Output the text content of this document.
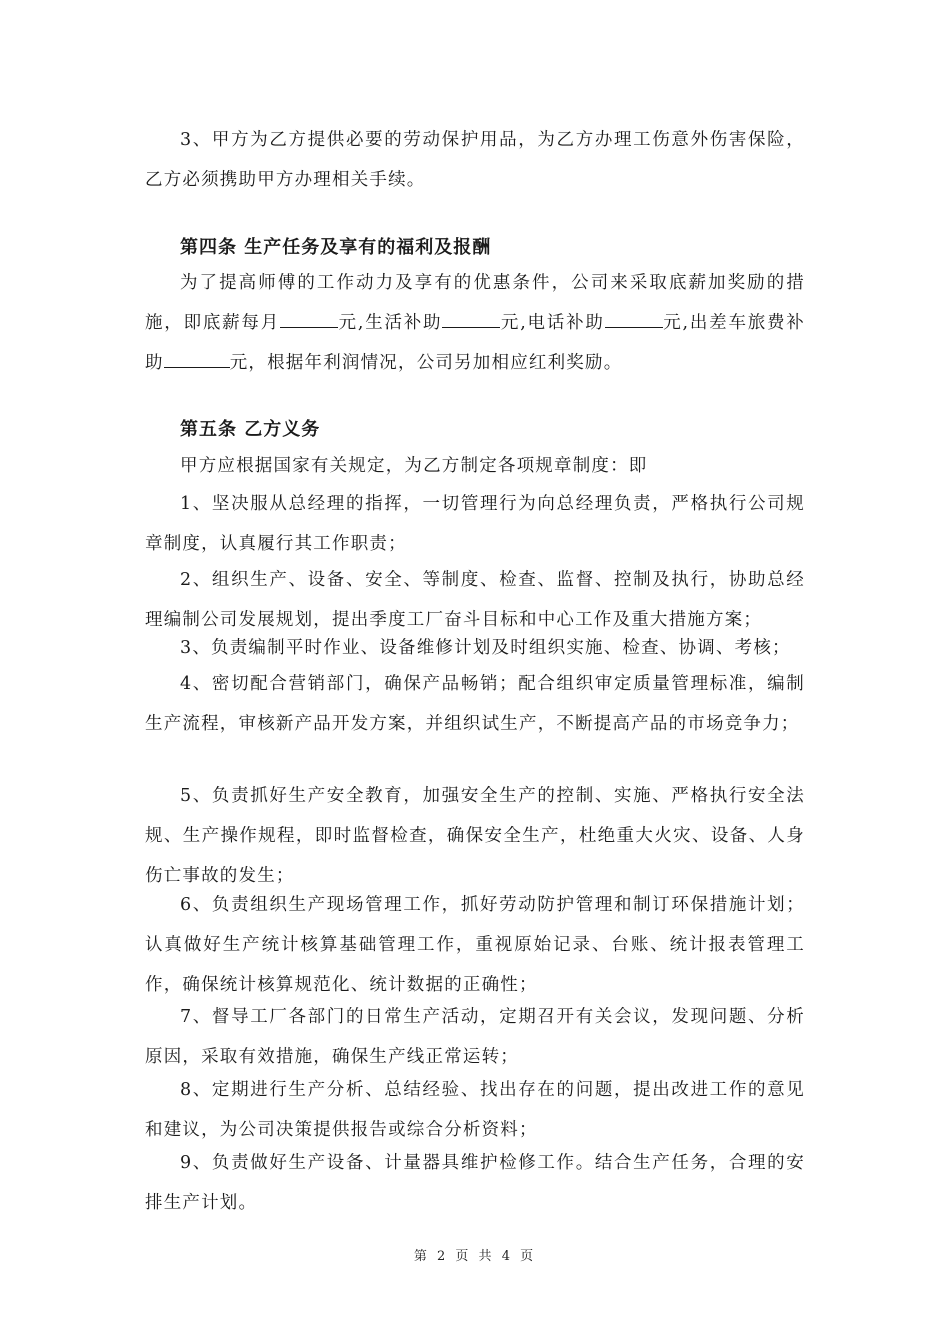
3、甲方为乙方提供必要的劳动保护用品，为乙方办理工伤意外伤害保险，乙方必须携助甲方办理相关手续。

第四条 生产任务及享有的福利及报酬

为了提高师傅的工作动力及享有的优惠条件，公司来采取底薪加奖励的措施，即底薪每月	元,生活补助	元,电话补助	元,出差车旅费补助	元，根据年利润情况，公司另加相应红利奖励。

第五条 乙方义务

甲方应根据国家有关规定，为乙方制定各项规章制度：即

1、坚决服从总经理的指挥，一切管理行为向总经理负责，严格执行公司规章制度，认真履行其工作职责；

2、组织生产、设备、安全、等制度、检查、监督、控制及执行，协助总经理编制公司发展规划，提出季度工厂奋斗目标和中心工作及重大措施方案；

3、负责编制平时作业、设备维修计划及时组织实施、检查、协调、考核；

4、密切配合营销部门，确保产品畅销；配合组织审定质量管理标准，编制生产流程，审核新产品开发方案，并组织试生产，不断提高产品的市场竞争力；

5、负责抓好生产安全教育，加强安全生产的控制、实施、严格执行安全法规、生产操作规程，即时监督检查，确保安全生产，杜绝重大火灾、设备、人身伤亡事故的发生；

6、负责组织生产现场管理工作，抓好劳动防护管理和制订环保措施计划；认真做好生产统计核算基础管理工作，重视原始记录、台账、统计报表管理工作，确保统计核算规范化、统计数据的正确性；

7、督导工厂各部门的日常生产活动，定期召开有关会议，发现问题、分析原因，采取有效措施，确保生产线正常运转；

8、定期进行生产分析、总结经验、找出存在的问题，提出改进工作的意见和建议，为公司决策提供报告或综合分析资料；

9、负责做好生产设备、计量器具维护检修工作。结合生产任务，合理的安排生产计划。

第 2 页 共 4 页
